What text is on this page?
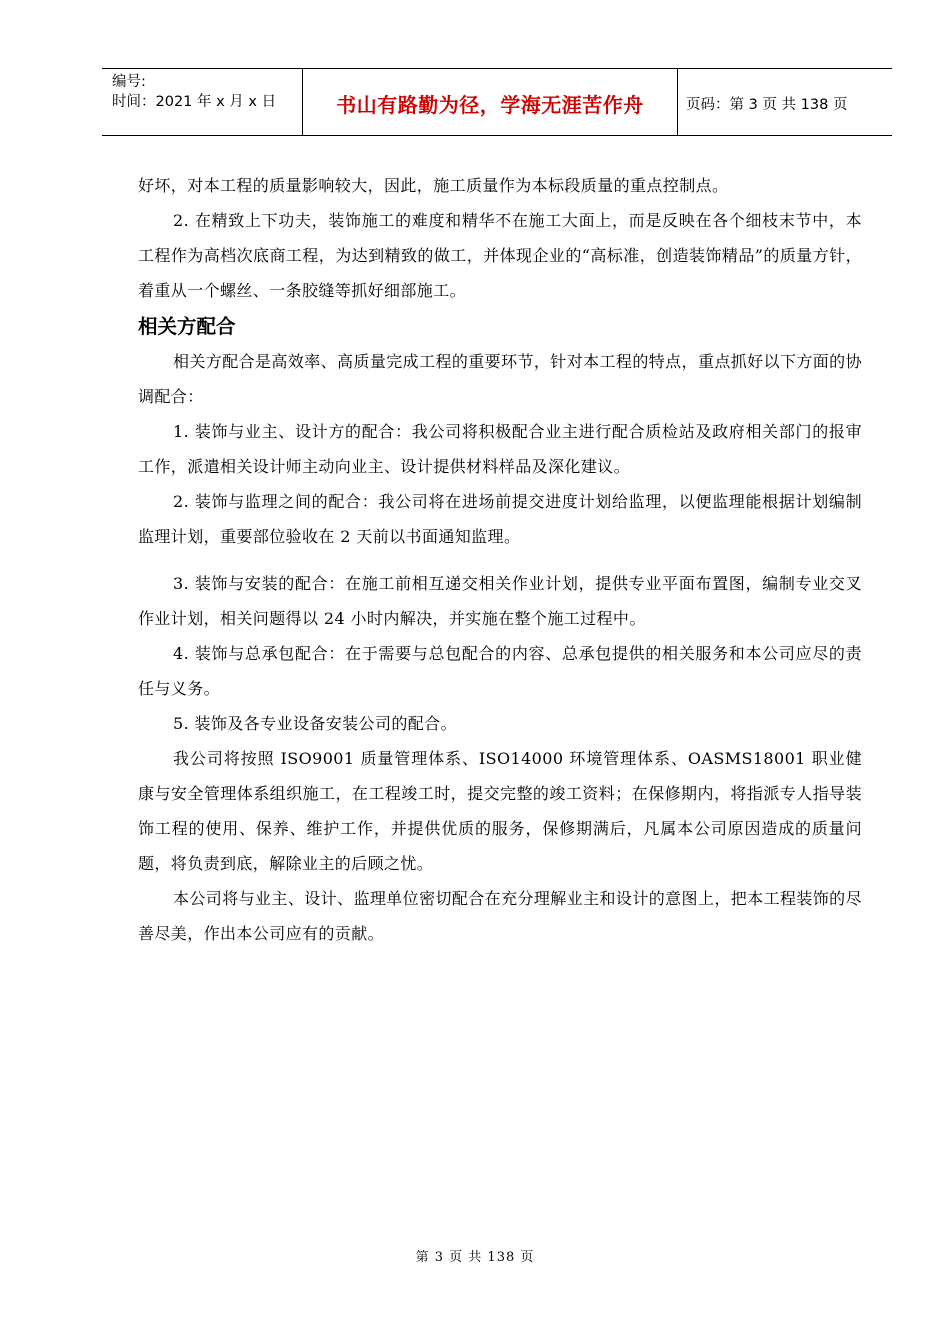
编号:
时间：2021 年 x 月 x 日	书山有路勤为径，学海无涯苦作舟	页码：第 3 页 共 138 页

好坏，对本工程的质量影响较大，因此，施工质量作为本标段质量的重点控制点。

2. 在精致上下功夫，装饰施工的难度和精华不在施工大面上，而是反映在各个细枝末节中，本工程作为高档次底商工程，为达到精致的做工，并体现企业的“高标准，创造装饰精品”的质量方针，着重从一个螺丝、一条胶缝等抓好细部施工。

相关方配合

相关方配合是高效率、高质量完成工程的重要环节，针对本工程的特点，重点抓好以下方面的协调配合：

1. 装饰与业主、设计方的配合：我公司将积极配合业主进行配合质检站及政府相关部门的报审工作，派遣相关设计师主动向业主、设计提供材料样品及深化建议。

2. 装饰与监理之间的配合：我公司将在进场前提交进度计划给监理，以便监理能根据计划编制监理计划，重要部位验收在 2 天前以书面通知监理。

3. 装饰与安装的配合：在施工前相互递交相关作业计划，提供专业平面布置图，编制专业交叉作业计划，相关问题得以 24 小时内解决，并实施在整个施工过程中。

4. 装饰与总承包配合：在于需要与总包配合的内容、总承包提供的相关服务和本公司应尽的责任与义务。

5. 装饰及各专业设备安装公司的配合。

我公司将按照 ISO9001 质量管理体系、ISO14000 环境管理体系、OASMS18001 职业健康与安全管理体系组织施工，在工程竣工时，提交完整的竣工资料；在保修期内，将指派专人指导装饰工程的使用、保养、维护工作，并提供优质的服务，保修期满后，凡属本公司原因造成的质量问题，将负责到底，解除业主的后顾之忧。

本公司将与业主、设计、监理单位密切配合在充分理解业主和设计的意图上，把本工程装饰的尽善尽美，作出本公司应有的贡献。

第 3 页 共 138 页
